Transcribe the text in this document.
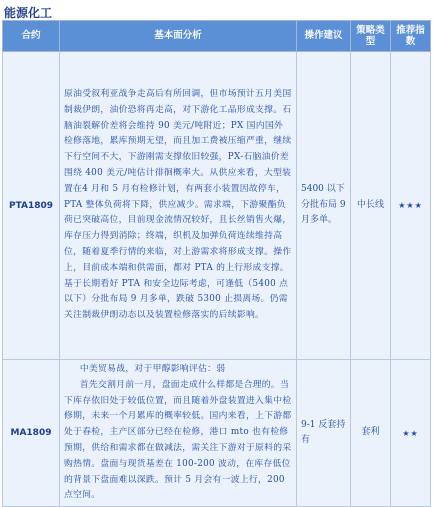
能源化工
合约	基本面分析	操作建议	策略类型	推荐指数
PTA1809	原油受叙利亚战争走高后有所回调，但市场预计五月美国制裁伊朗，油价恐将再走高，对下游化工品形成支撑。石脑油裂解价差将会维持 90 美元/吨附近；PX 国内国外检修落地，累库预期无望，而且加工费被压缩严重，继续下行空间不大，下游刚需支撑依旧较强，PX-石脑油价差围绕 400 美元/吨估计徘徊概率大。从供应来看，大型装置在4 月和 5 月有检修计划，有两套小装置因故停车，PTA 整体负荷将下降，供应减少。需求端，下游聚酯负荷已突破高位，目前现金流情况较好，且长丝销售火爆，库存压力得到消除；终端，织机及加弹负荷连续维持高位，随着夏季行情的来临，对上游需求将形成支撑。操作上，目前成本端和供需面，都对 PTA 的上行形成支撑。基于长期看好 PTA 和安全边际考虑，可逢低（5400 点以下）分批布局 9 月多单，跌破 5300 止损离场。仍需关注制裁伊朗动态以及装置检修落实的后续影响。	5400 以下分批布局 9 月多单。	中长线	★★★
MA1809	中美贸易战，对于甲醇影响评估：弱

首先交割月前一月，盘面走成什么样都是合理的。当下库存依旧处于较低位置，而且随着外盘装置进入集中检修期，未来一个月累库的概率较低。国内来看，上下游都处于春检，主产区部分已经在检修，港口 mto 也有检修预期，供给和需求都在做减法，需关注下游对于原料的采购热情。盘面与现货基差在 100-200 波动，在库存低位的背景下盘面难以深跌。预计 5 月会有一波上行，200 点空间。	9-1 反套持有	套利	★★
